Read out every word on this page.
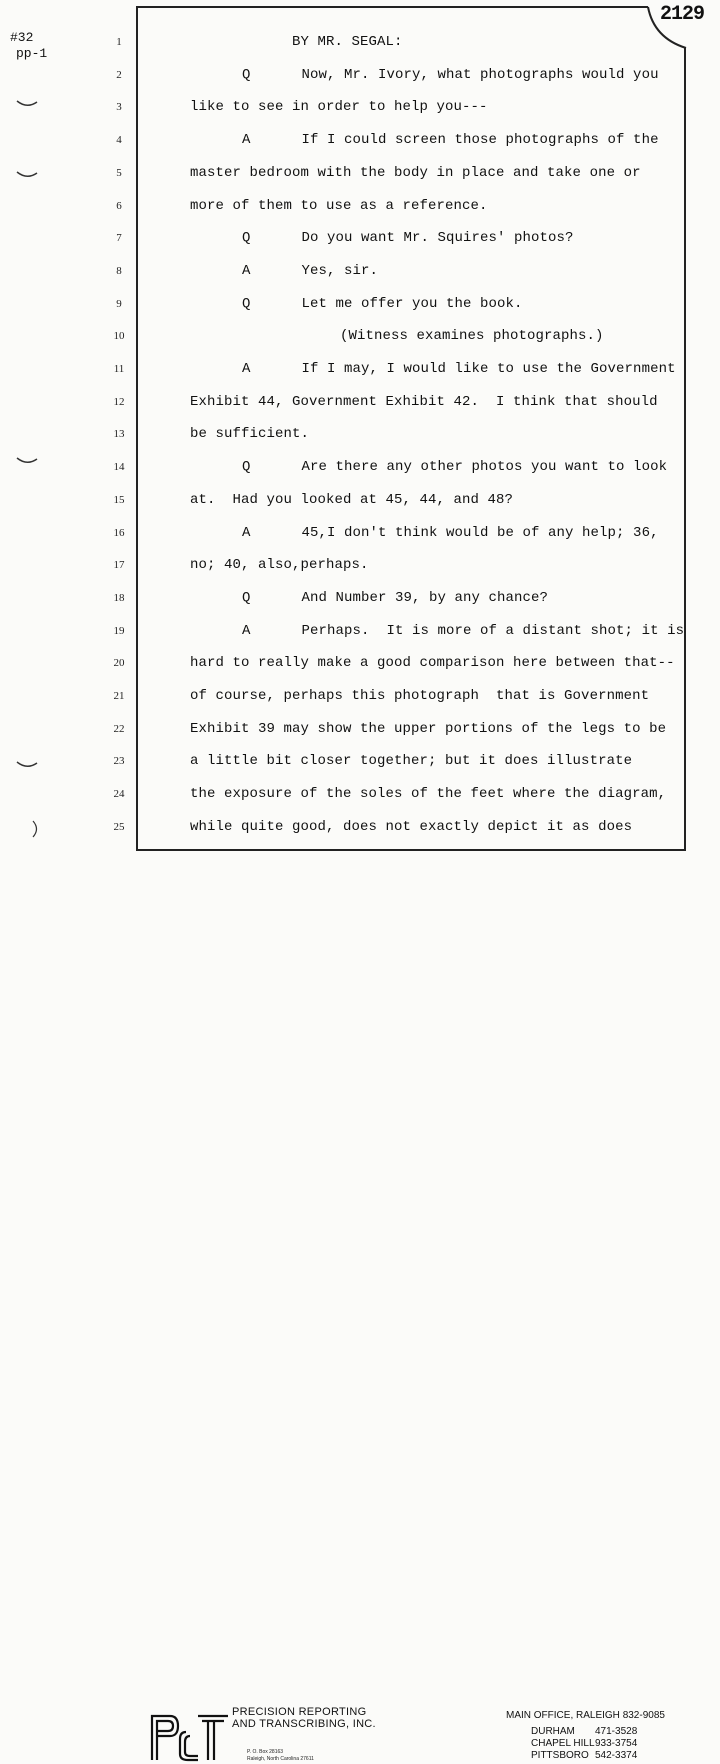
#32
pp-1
2129
1	BY MR. SEGAL:
2	Q      Now, Mr. Ivory, what photographs would you
3	like to see in order to help you---
4	A      If I could screen those photographs of the
5	master bedroom with the body in place and take one or
6	more of them to use as a reference.
7	Q      Do you want Mr. Squires' photos?
8	A      Yes, sir.
9	Q      Let me offer you the book.
10	(Witness examines photographs.)
11	A      If I may, I would like to use the Government
12	Exhibit 44, Government Exhibit 42.  I think that should
13	be sufficient.
14	Q      Are there any other photos you want to look
15	at.  Had you looked at 45, 44, and 48?
16	A      45,I don't think would be of any help; 36,
17	no; 40, also,perhaps.
18	Q      And Number 39, by any chance?
19	A      Perhaps.  It is more of a distant shot; it is
20	hard to really make a good comparison here between that--
21	of course, perhaps this photograph  that is Government
22	Exhibit 39 may show the upper portions of the legs to be
23	a little bit closer together; but it does illustrate
24	the exposure of the soles of the feet where the diagram,
25	while quite good, does not exactly depict it as does
PRECISION REPORTING
AND TRANSCRIBING, INC.
P. O. Box 28163
Raleigh, North Carolina 27611
MAIN OFFICE, RALEIGH 832-9085
DURHAM 471-3528
CHAPEL HILL933-3754
PITTSBORO 542-3374
